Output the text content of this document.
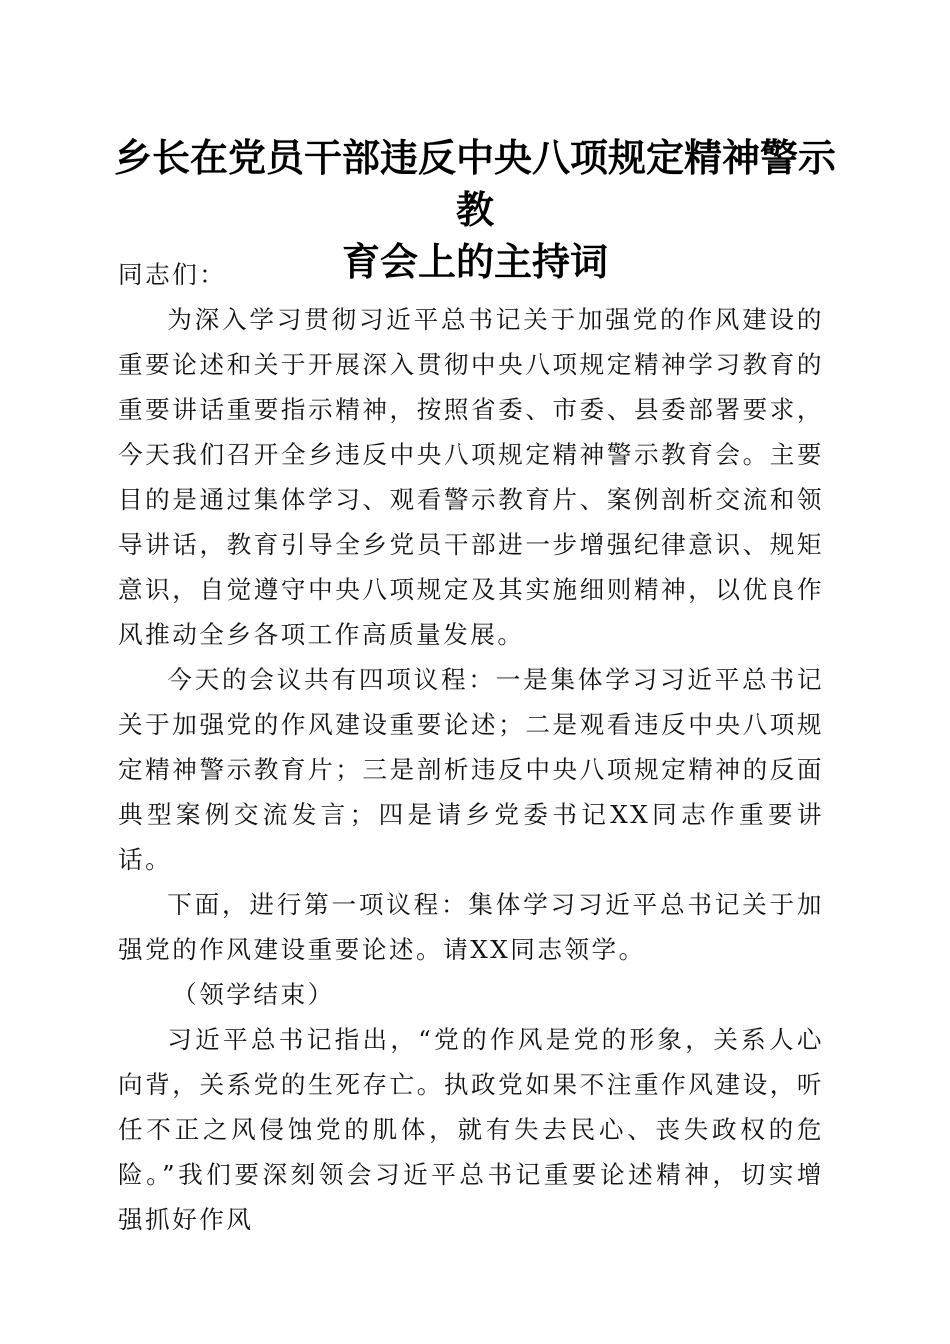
乡长在党员干部违反中央八项规定精神警示教
育会上的主持词

同志们：

为深入学习贯彻习近平总书记关于加强党的作风建设的重要论述和关于开展深入贯彻中央八项规定精神学习教育的重要讲话重要指示精神，按照省委、市委、县委部署要求，今天我们召开全乡违反中央八项规定精神警示教育会。主要目的是通过集体学习、观看警示教育片、案例剖析交流和领导讲话，教育引导全乡党员干部进一步增强纪律意识、规矩意识，自觉遵守中央八项规定及其实施细则精神，以优良作风推动全乡各项工作高质量发展。

今天的会议共有四项议程：一是集体学习习近平总书记关于加强党的作风建设重要论述；二是观看违反中央八项规定精神警示教育片；三是剖析违反中央八项规定精神的反面典型案例交流发言；四是请乡党委书记XX同志作重要讲话。

下面，进行第一项议程：集体学习习近平总书记关于加强党的作风建设重要论述。请XX同志领学。

（领学结束）

习近平总书记指出，“党的作风是党的形象，关系人心向背，关系党的生死存亡。执政党如果不注重作风建设，听任不正之风侵蚀党的肌体，就有失去民心、丧失政权的危险。”我们要深刻领会习近平总书记重要论述精神，切实增强抓好作风
